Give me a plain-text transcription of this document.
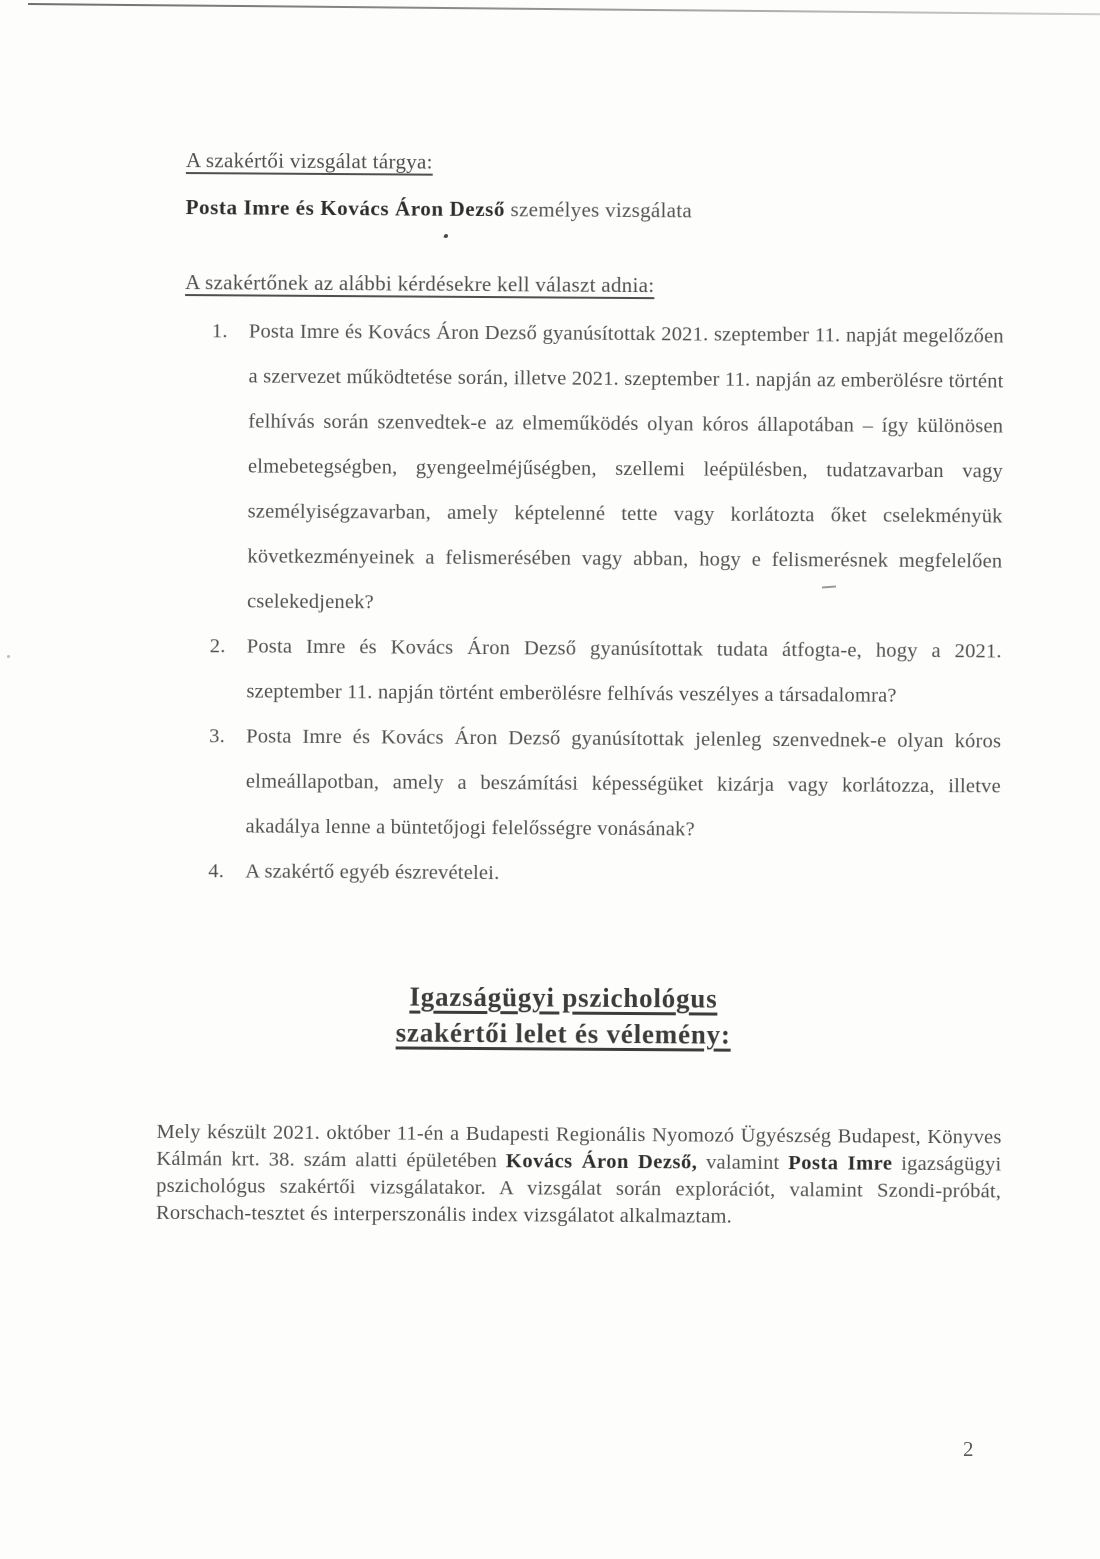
A szakértői vizsgálat tárgya:

Posta Imre és Kovács Áron Dezső személyes vizsgálata

A szakértőnek az alábbi kérdésekre kell választ adnia:
1.	Posta Imre és Kovács Áron Dezső gyanúsítottak 2021. szeptember 11. napját megelőzően a szervezet működtetése során, illetve 2021. szeptember 11. napján az emberölésre történt felhívás során szenvedtek-e az elmeműködés olyan kóros állapotában – így különösen elmebetegségben, gyengeelméjűségben, szellemi leépülésben, tudatzavarban vagy személyiségzavarban, amely képtelenné tette vagy korlátozta őket cselekményük következményeinek a felismerésében vagy abban, hogy e felismerésnek megfelelően cselekedjenek?
2.	Posta Imre és Kovács Áron Dezső gyanúsítottak tudata átfogta-e, hogy a 2021. szeptember 11. napján történt emberölésre felhívás veszélyes a társadalomra?
3.	Posta Imre és Kovács Áron Dezső gyanúsítottak jelenleg szenvednek-e olyan kóros elmeállapotban, amely a beszámítási képességüket kizárja vagy korlátozza, illetve akadálya lenne a büntetőjogi felelősségre vonásának?
4.	A szakértő egyéb észrevételei.
Igazságügyi pszichológus
szakértői lelet és vélemény:

Mely készült 2021. október 11-én a Budapesti Regionális Nyomozó Ügyészség Budapest, Könyves Kálmán krt. 38. szám alatti épületében Kovács Áron Dezső, valamint Posta Imre igazságügyi pszichológus szakértői vizsgálatakor. A vizsgálat során explorációt, valamint Szondi-próbát, Rorschach-tesztet és interperszonális index vizsgálatot alkalmaztam.

2
